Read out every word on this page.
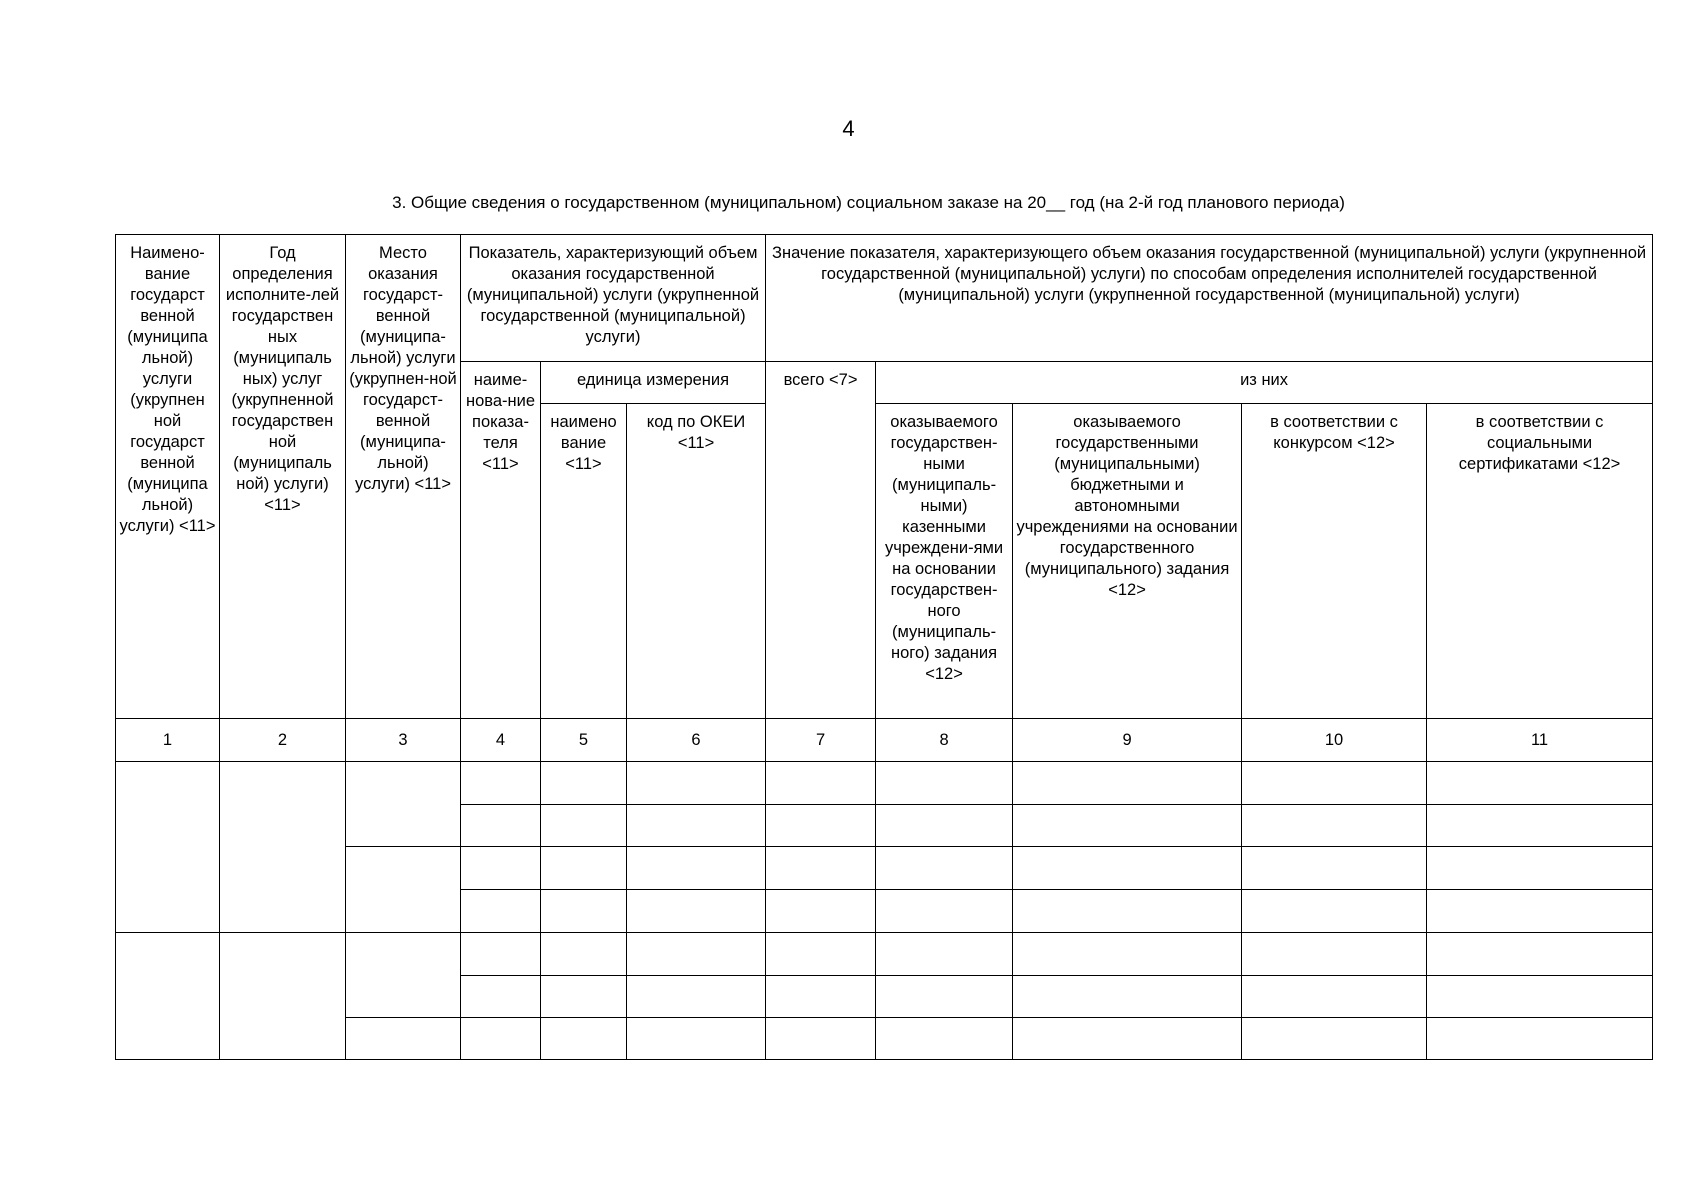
4
3. Общие сведения о государственном (муниципальном) социальном заказе на 20__ год (на 2-й год планового периода)
Наимено-вание государст венной (муниципа льной) услуги (укрупнен ной государст венной (муниципа льной) услуги) <11>	Год определения исполните-лей государствен ных (муниципаль ных) услуг (укрупненной государствен ной (муниципаль ной) услуги) <11>	Место оказания государст-венной (муниципа-льной) услуги (укрупнен-ной государст-венной (муниципа-льной) услуги) <11>	Показатель, характеризующий объем оказания государственной (муниципальной) услуги (укрупненной государственной (муниципальной) услуги)			Значение показателя, характеризующего объем оказания государственной (муниципальной) услуги (укрупненной государственной (муниципальной) услуги) по способам определения исполнителей государственной (муниципальной) услуги (укрупненной государственной (муниципальной) услуги)				
			наиме-нова-ние показа-теля <11>	единица измерения		всего <7>	из них			
				наимено вание <11>	код по ОКЕИ <11>		оказываемого государствен-ными (муниципаль-ными) казенными учреждени-ями на основании государствен-ного (муниципаль-ного) задания <12>	оказываемого государственными (муниципальными) бюджетными и автономными учреждениями на основании государственного (муниципального) задания <12>	в соответствии с конкурсом <12>	в соответствии с социальными сертификатами <12>
1	2	3	4	5	6	7	8	9	10	11
